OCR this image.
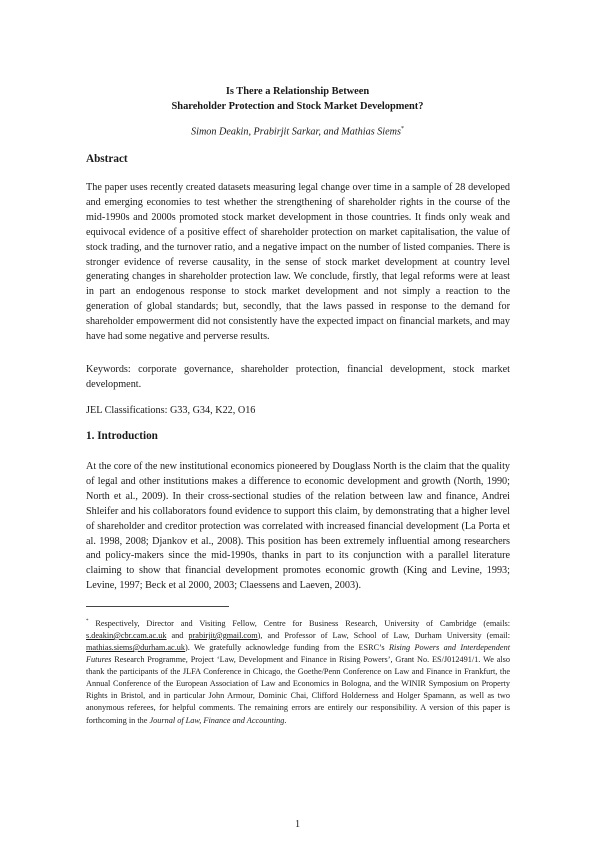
Is There a Relationship Between
Shareholder Protection and Stock Market Development?
Simon Deakin, Prabirjit Sarkar, and Mathias Siems*
Abstract

The paper uses recently created datasets measuring legal change over time in a sample of 28 developed and emerging economies to test whether the strengthening of shareholder rights in the course of the mid-1990s and 2000s promoted stock market development in those countries. It finds only weak and equivocal evidence of a positive effect of shareholder protection on market capitalisation, the value of stock trading, and the turnover ratio, and a negative impact on the number of listed companies. There is stronger evidence of reverse causality, in the sense of stock market development at country level generating changes in shareholder protection law. We conclude, firstly, that legal reforms were at least in part an endogenous response to stock market development and not simply a reaction to the generation of global standards; but, secondly, that the laws passed in response to the demand for shareholder empowerment did not consistently have the expected impact on financial markets, and may have had some negative and perverse results.

Keywords: corporate governance, shareholder protection, financial development, stock market development.

JEL Classifications: G33, G34, K22, O16
1. Introduction

At the core of the new institutional economics pioneered by Douglass North is the claim that the quality of legal and other institutions makes a difference to economic development and growth (North, 1990; North et al., 2009). In their cross-sectional studies of the relation between law and finance, Andrei Shleifer and his collaborators found evidence to support this claim, by demonstrating that a higher level of shareholder and creditor protection was correlated with increased financial development (La Porta et al. 1998, 2008; Djankov et al., 2008). This position has been extremely influential among researchers and policy-makers since the mid-1990s, thanks in part to its conjunction with a parallel literature claiming to show that financial development promotes economic growth (King and Levine, 1993; Levine, 1997; Beck et al 2000, 2003; Claessens and Laeven, 2003).

* Respectively, Director and Visiting Fellow, Centre for Business Research, University of Cambridge (emails: s.deakin@cbr.cam.ac.uk and prabirjit@gmail.com), and Professor of Law, School of Law, Durham University (email: mathias.siems@durham.ac.uk). We gratefully acknowledge funding from the ESRC’s Rising Powers and Interdependent Futures Research Programme, Project ‘Law, Development and Finance in Rising Powers’, Grant No. ES/J012491/1. We also thank the participants of the JLFA Conference in Chicago, the Goethe/Penn Conference on Law and Finance in Frankfurt, the Annual Conference of the European Association of Law and Economics in Bologna, and the WINIR Symposium on Property Rights in Bristol, and in particular John Armour, Dominic Chai, Clifford Holderness and Holger Spamann, as well as two anonymous referees, for helpful comments. The remaining errors are entirely our responsibility. A version of this paper is forthcoming in the Journal of Law, Finance and Accounting.

1
